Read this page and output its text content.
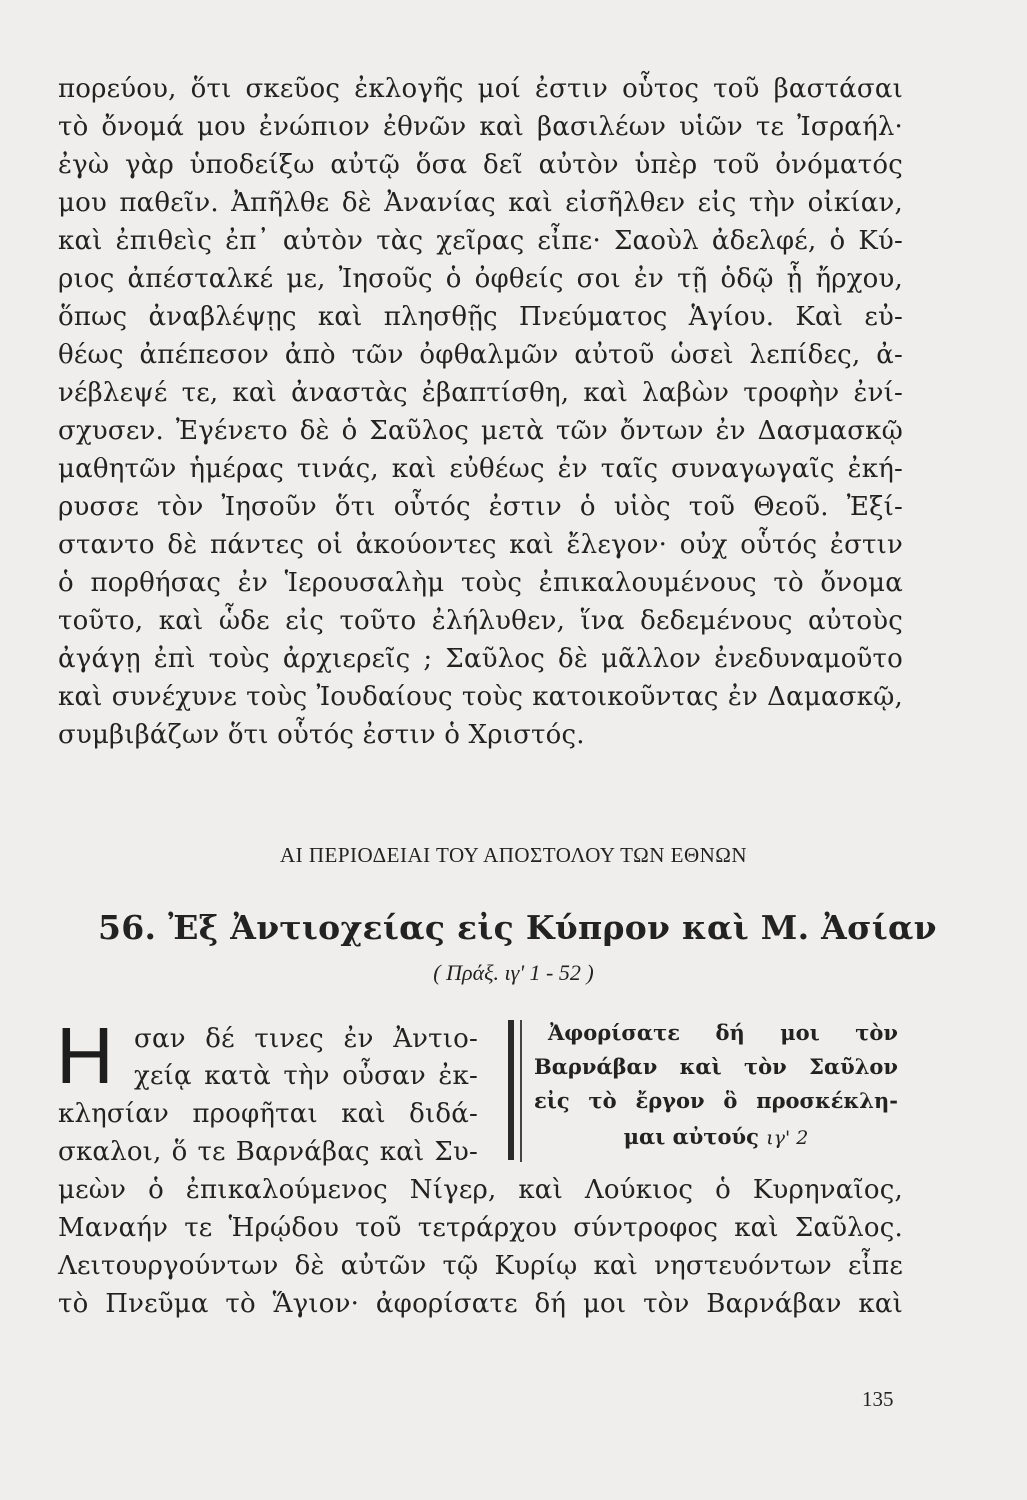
πορεύου, ὅτι σκεῦος ἐκλογῆς μοί ἐστιν οὗτος τοῦ βαστάσαι
τὸ ὄνομά μου ἐνώπιον ἐθνῶν καὶ βασιλέων υἱῶν τε Ἰσραήλ·
ἐγὼ γὰρ ὑποδείξω αὐτῷ ὅσα δεῖ αὐτὸν ὑπὲρ τοῦ ὀνόματός
μου παθεῖν. Ἀπῆλθε δὲ Ἀνανίας καὶ εἰσῆλθεν εἰς τὴν οἰκίαν,
καὶ ἐπιθεὶς ἐπ᾿ αὐτὸν τὰς χεῖρας εἶπε· Σαοὺλ ἀδελφέ, ὁ Κύ-
ριος ἀπέσταλκέ με, Ἰησοῦς ὁ ὀφθείς σοι ἐν τῇ ὁδῷ ᾗ ἤρχου,
ὅπως ἀναβλέψῃς καὶ πλησθῇς Πνεύματος Ἁγίου. Καὶ εὐ-
θέως ἀπέπεσον ἀπὸ τῶν ὀφθαλμῶν αὐτοῦ ὡσεὶ λεπίδες, ἀ-
νέβλεψέ τε, καὶ ἀναστὰς ἐβαπτίσθη, καὶ λαβὼν τροφὴν ἐνί-
σχυσεν. Ἐγένετο δὲ ὁ Σαῦλος μετὰ τῶν ὄντων ἐν Δασμασκῷ
μαθητῶν ἡμέρας τινάς, καὶ εὐθέως ἐν ταῖς συναγωγαῖς ἐκή-
ρυσσε τὸν Ἰησοῦν ὅτι οὗτός ἐστιν ὁ υἱὸς τοῦ Θεοῦ. Ἐξί-
σταντο δὲ πάντες οἱ ἀκούοντες καὶ ἔλεγον· οὐχ οὗτός ἐστιν
ὁ πορθήσας ἐν Ἱερουσαλὴμ τοὺς ἐπικαλουμένους τὸ ὄνομα
τοῦτο, καὶ ὧδε εἰς τοῦτο ἐλήλυθεν, ἵνα δεδεμένους αὐτοὺς
ἀγάγῃ ἐπὶ τοὺς ἀρχιερεῖς ; Σαῦλος δὲ μᾶλλον ἐνεδυναμοῦτο
καὶ συνέχυνε τοὺς Ἰουδαίους τοὺς κατοικοῦντας ἐν Δαμασκῷ,
συμβιβάζων ὅτι οὗτός ἐστιν ὁ Χριστός.
ΑΙ ΠΕΡΙΟΔΕΙΑΙ ΤΟΥ ΑΠΟΣΤΟΛΟΥ ΤΩΝ ΕΘΝΩΝ
56. Ἐξ Ἀντιοχείας εἰς Κύπρον καὶ Μ. Ἀσίαν
( Πράξ. ιγ' 1 - 52 )
Η σαν δέ τινες ἐν Ἀντιο-
χείᾳ κατὰ τὴν οὖσαν ἐκ-
κλησίαν προφῆται καὶ διδά-
σκαλοι, ὅ τε Βαρνάβας καὶ Συ-
Ἀφορίσατε δή μοι τὸν
Βαρνάβαν καὶ τὸν Σαῦλον
εἰς τὸ ἔργον ὃ προσκέκλη-
μαι αὐτούς ιγ' 2
μεὼν ὁ ἐπικαλούμενος Νίγερ, καὶ Λούκιος ὁ Κυρηναῖος,
Μαναήν τε Ἡρῴδου τοῦ τετράρχου σύντροφος καὶ Σαῦλος.
Λειτουργούντων δὲ αὐτῶν τῷ Κυρίῳ καὶ νηστευόντων εἶπε
τὸ Πνεῦμα τὸ Ἅγιον· ἀφορίσατε δή μοι τὸν Βαρνάβαν καὶ
135
